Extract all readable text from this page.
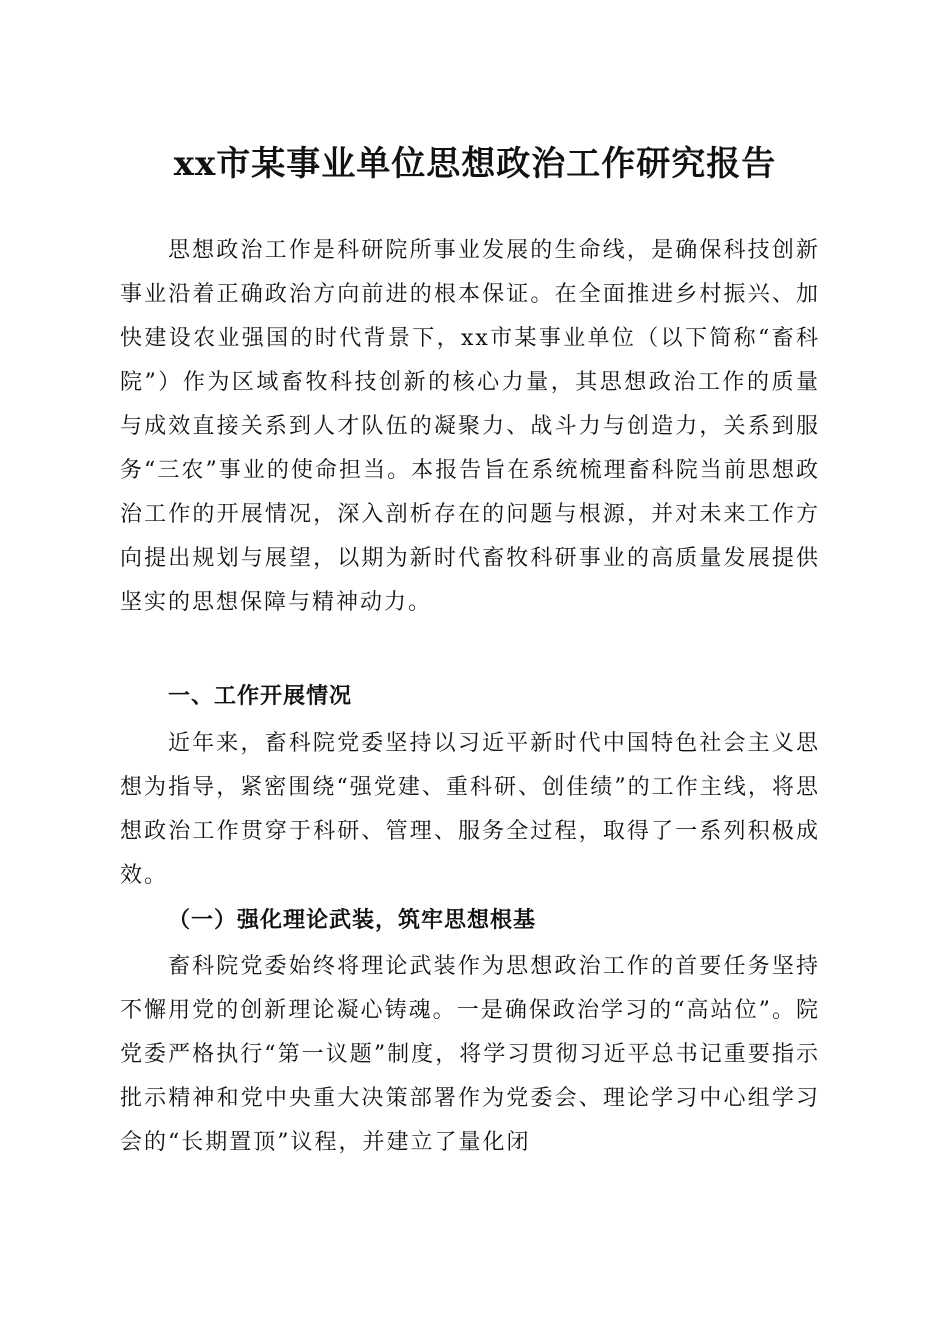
xx市某事业单位思想政治工作研究报告

思想政治工作是科研院所事业发展的生命线，是确保科技创新事业沿着正确政治方向前进的根本保证。在全面推进乡村振兴、加快建设农业强国的时代背景下，xx市某事业单位（以下简称“畜科院”）作为区域畜牧科技创新的核心力量，其思想政治工作的质量与成效直接关系到人才队伍的凝聚力、战斗力与创造力，关系到服务“三农”事业的使命担当。本报告旨在系统梳理畜科院当前思想政治工作的开展情况，深入剖析存在的问题与根源，并对未来工作方向提出规划与展望，以期为新时代畜牧科研事业的高质量发展提供坚实的思想保障与精神动力。

一、工作开展情况

近年来，畜科院党委坚持以习近平新时代中国特色社会主义思想为指导，紧密围绕“强党建、重科研、创佳绩”的工作主线，将思想政治工作贯穿于科研、管理、服务全过程，取得了一系列积极成效。

（一）强化理论武装，筑牢思想根基

畜科院党委始终将理论武装作为思想政治工作的首要任务坚持不懈用党的创新理论凝心铸魂。一是确保政治学习的“高站位”。院党委严格执行“第一议题”制度，将学习贯彻习近平总书记重要指示批示精神和党中央重大决策部署作为党委会、理论学习中心组学习会的“长期置顶”议程，并建立了量化闭
